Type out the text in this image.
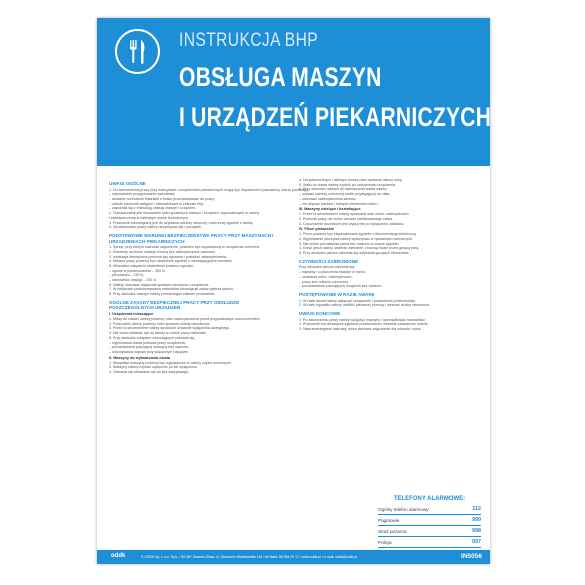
INSTRUKCJA BHP
OBSŁUGA MASZYN
I URZĄDZEŃ PIEKARNICZYCH
UWAGI OGÓLNE
1. Do samodzielnej pracy przy maszynach i urządzeniach piekarniczych mogą być dopuszczeni pracownicy, którzy posiadają:
– odpowiednie przygotowanie zawodowe,
– aktualne orzeczenie lekarskie o braku przeciwwskazań do pracy,
– odbyte szkolenie wstępne i stanowiskowe w zakresie bhp,
– zapoznali się z instrukcją obsługi maszyn i urządzeń.
2. Dopuszczalne jest stosowanie tylko sprawnych maszyn i urządzeń, wyposażonych w osłony
i zabezpieczenia w należytym stanie technicznym.
3. Pracownik zobowiązany jest do używania odzieży roboczej i ochronnej zgodnie z tabelą.
4. Na stanowisku pracy należy utrzymywać ład i porządek.
PODSTAWOWE WARUNKI BEZPIECZEŃSTWA PRACY PRZY MASZYNACH I URZĄDZENIACH PIEKARNICZYCH
1. Sprzęt, przy którym zachodzi zagrożenie, powinien być wyposażony w urządzenia ochronne.
2. Elementy ruchome maszyn muszą być zabezpieczone osłonami.
3. Instalacja elektryczna powinna być sprawna i posiadać zabezpieczenia.
4. Miejsca pracy powinny być oświetlone zgodnie z obowiązującymi normami.
5. Minimalne natężenie oświetlenia powinno wynosić:
– ogólne w pomieszczeniu – 300 lx,
– piecowisko – 150 lx,
– stanowisko obsługi – 200 lx.
6. Należy stosować wyłącznie sprawne narzędzia i urządzenia.
7. W miejscach przechowywania materiałów obowiązuje zakaz palenia tytoniu.
8. Przy obsłudze maszyn należy przestrzegać zaleceń producenta.
OGÓLNE ZASADY BEZPIECZNEJ PRACY PRZY OBSŁUDZE POSZCZEGÓLNYCH URZĄDZEŃ
I. Urządzenia mieszające
1. Miksy do ciasta i dzieży powinny mieć zabezpieczenia przed przypadkowym uruchomieniem.
2. Podnośniki dzieży powinny mieć sprawne układy hamulcowe.
3. Przed uruchomieniem należy sprawdzić działanie wyłącznika awaryjnego.
4. Nie wolno wkładać rąk do dzieży w czasie pracy mieszarki.
5. Przy obsłudze urządzeń mieszających zabrania się:
– wyjmowania ciasta podczas pracy urządzenia,
– pozostawiania pracującej maszyny bez nadzoru,
– dokonywania napraw przy włączonym napędzie.
II. Maszyny do wytwarzania ciasta
1. Wszystkie maszyny powinny być wyposażone w osłony części ruchomych.
2. Maszyny należy czyścić wyłącznie po ich wyłączeniu.
3. Zabrania się wkładania rąk do leja zasypowego.
4. Urządzenia tnące i dzielące muszą mieć sprawne osłony noży.
5. Wałki do ciasta należy czyścić po zatrzymaniu urządzenia.
6. Przy obsłudze maszyn do wytwarzania ciasta należy:
– używać odzieży ochronnej ściśle przylegającej do ciała,
– stosować zabezpieczenia włosów,
– nie używać biżuterii i luźnych elementów ubioru.
III. Maszyny dzielące i kształtujące
1. Przed uruchomieniem należy sprawdzić stan osłon i zabezpieczeń.
2. Podczas pracy nie wolno usuwać zablokowanego ciasta.
3. Czyszczenie dozwolone jest wyłącznie po wyłączeniu zasilania.
IV. Piece piekarskie
1. Piece powinny być eksploatowane zgodnie z dokumentacją techniczną.
2. Wyjmowanie pieczywa należy wykonywać w rękawicach ochronnych.
3. Nie wolno pozostawiać pieca bez nadzoru w czasie wypieku.
4. Drzwi pieca należy otwierać ostrożnie, chroniąc twarz przed gorącą parą.
5. Przy obsłudze pieców zabrania się dotykania gorących elementów.
CZYNNOŚCI ZABRONIONE
Przy obsłudze pieców zabrania się:
– naprawy i czyszczenia maszyn w ruchu,
– usuwania osłon i zabezpieczeń,
– pracy bez odzieży ochronnej,
– pozostawiania pracujących urządzeń bez nadzoru.
POSTĘPOWANIE W RAZIE AWARII
1. W razie awarii należy wyłączyć urządzenie i powiadomić przełożonego.
2. W razie wypadku należy udzielić pierwszej pomocy i wezwać służby ratownicze.
UWAGI KOŃCOWE
1. Po zakończeniu pracy należy wyłączyć maszyny i uporządkować stanowisko.
2. Pracownik ma obowiązek zgłaszać przełożonemu wszelkie zauważone usterki.
3. Nieprzestrzeganie instrukcji może stanowić zagrożenie dla zdrowia i życia.
TELEFONY ALARMOWE:
Ogólny telefon alarmowy	112
Pogotowie	999
Straż pożarna	998
Policja	997
oddk	© ODDK Sp. z o.o. Sp.k. • 80-357 Gdańsk-Oliwa, ul. Obrońców Westerplatte 124 • tel./faks: 58 554 29 17 • www.oddk.pl • e-mail: oddk@oddk.pl	IN5056
